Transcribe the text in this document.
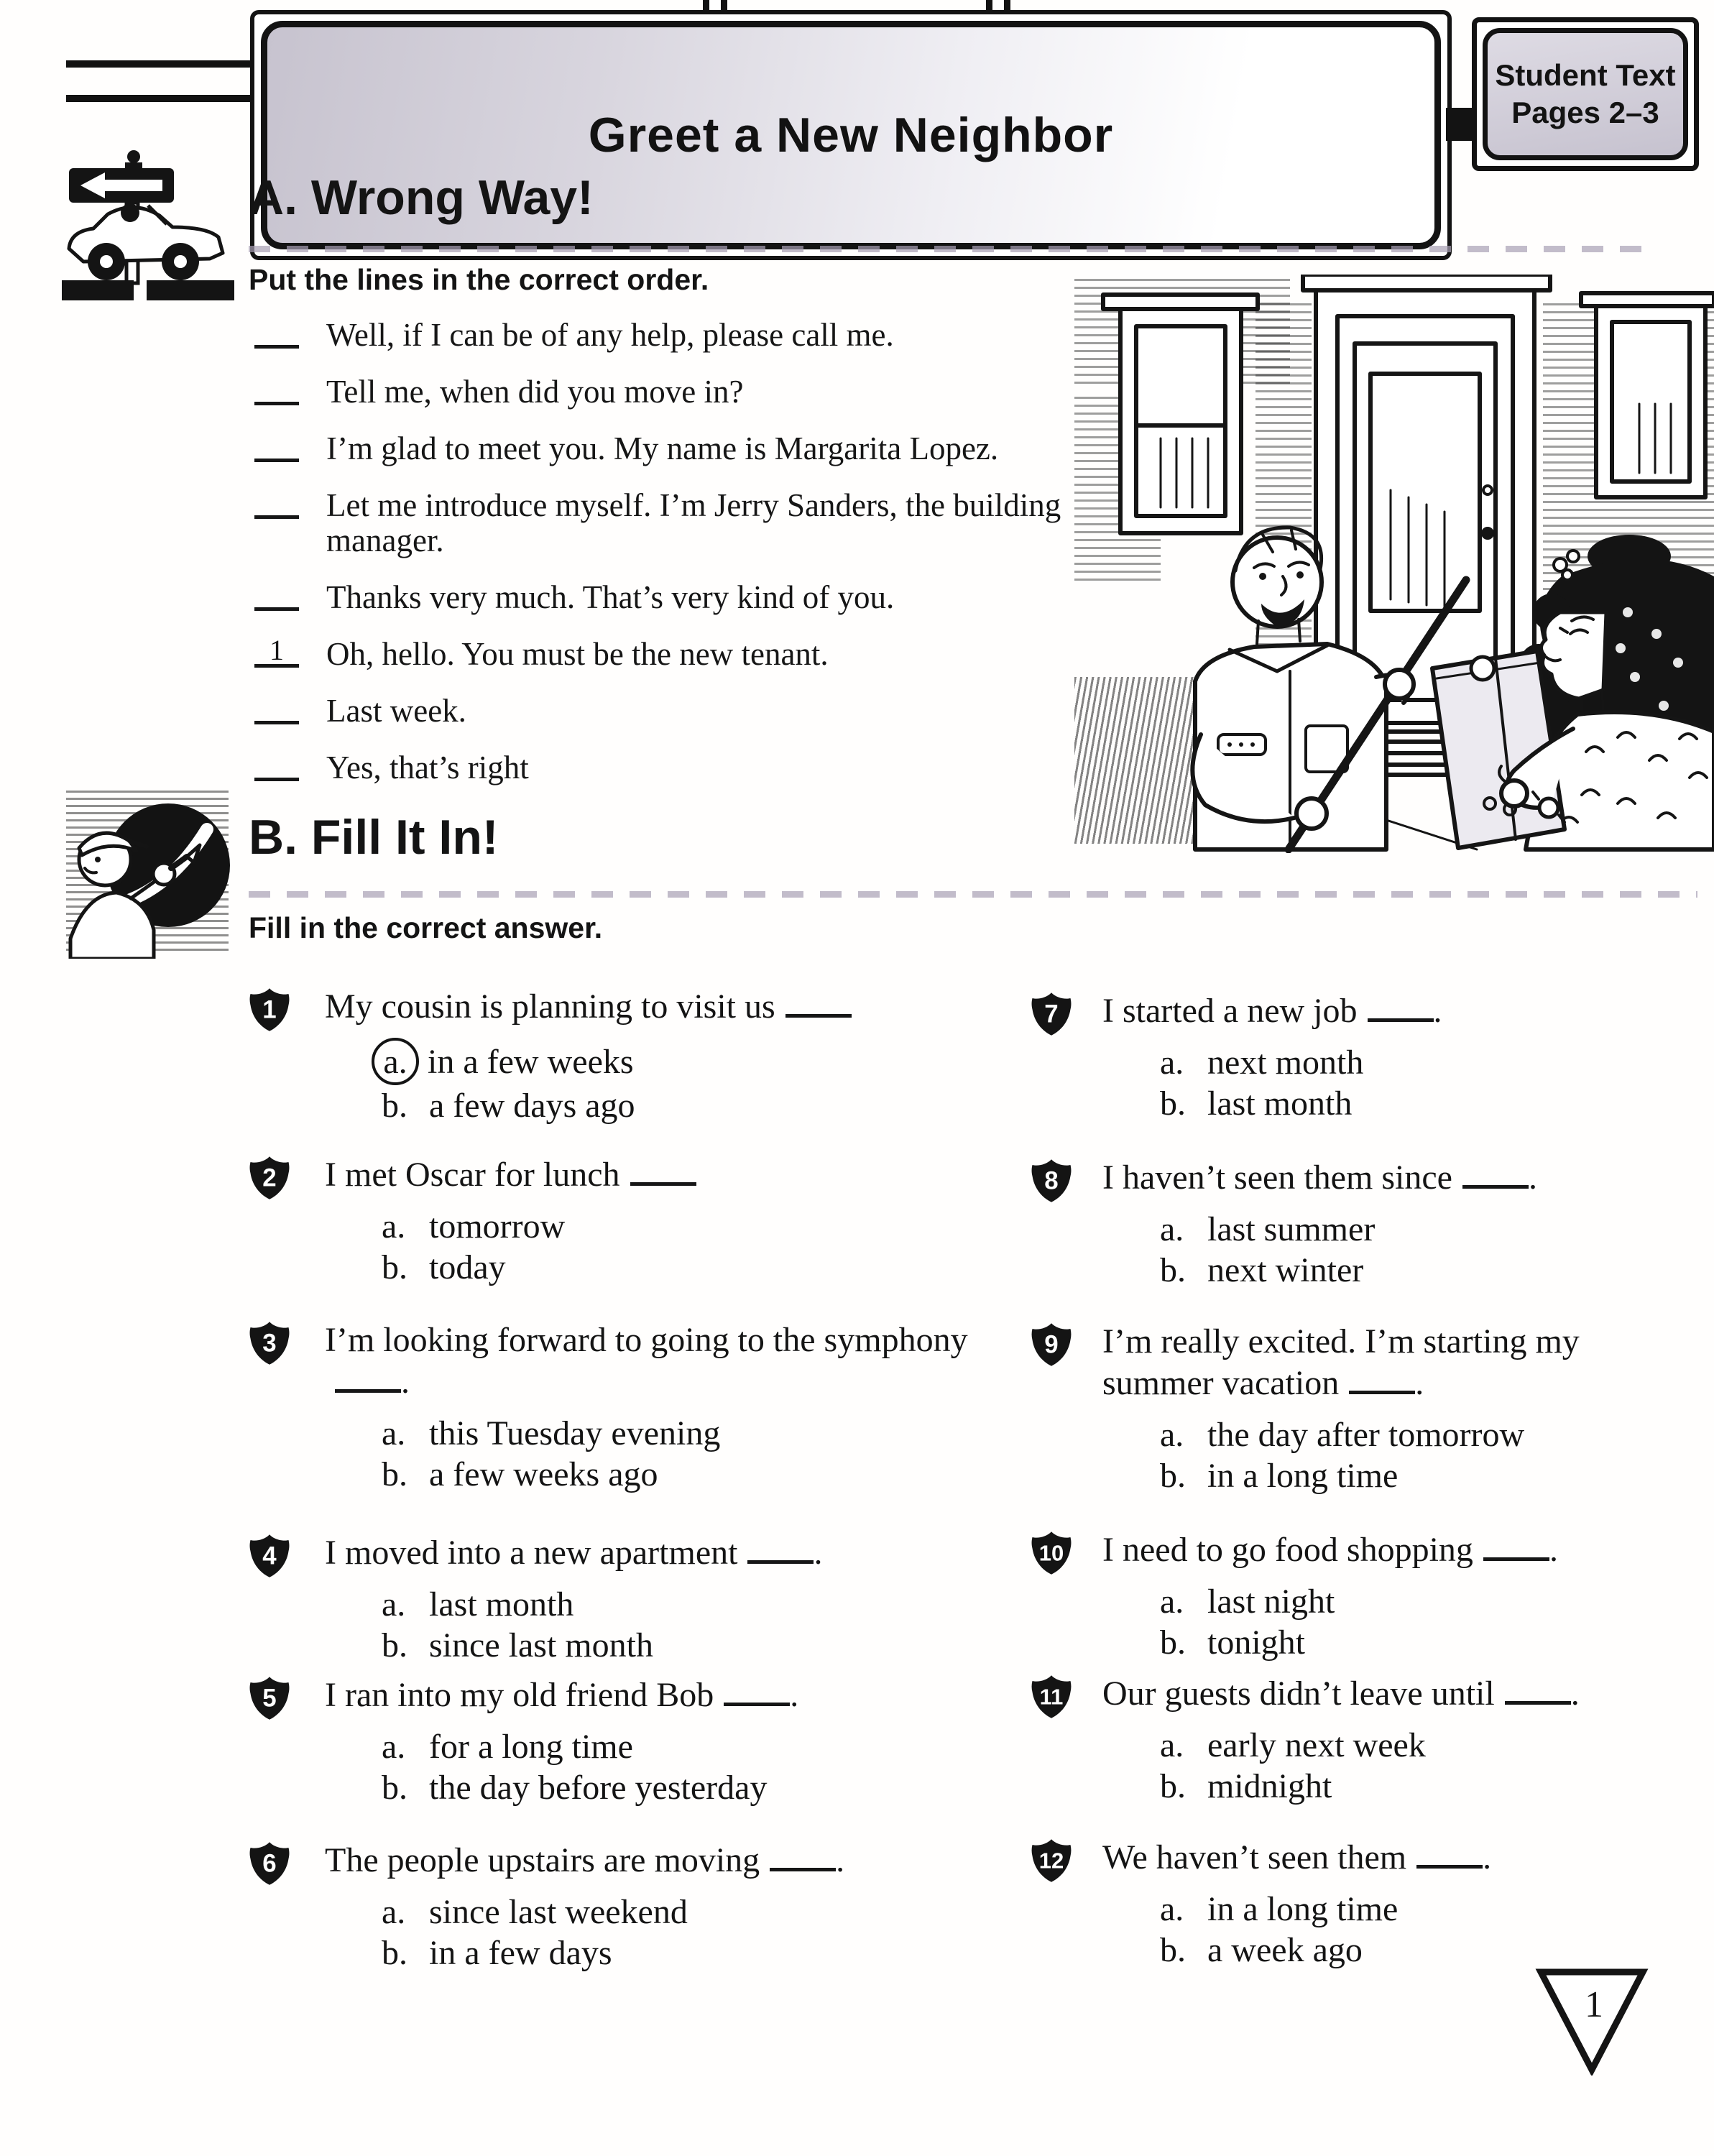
Greet a New Neighbor
Student Text
Pages 2–3
A. Wrong Way!
Put the lines in the correct order.
Well, if I can be of any help, please call me.
Tell me, when did you move in?
I’m glad to meet you. My name is Margarita Lopez.
Let me introduce myself. I’m Jerry Sanders, the building manager.
Thanks very much. That’s very kind of you.
1	Oh, hello. You must be the new tenant.
Last week.
Yes, that’s right
B. Fill It In!
Fill in the correct answer.
1 My cousin is planning to visit us
a. in a few weeks
b. a few days ago
2 I met Oscar for lunch
a. tomorrow
b. today
3 I’m looking forward to going to the symphony.
a. this Tuesday evening
b. a few weeks ago
4 I moved into a new apartment .
a. last month
b. since last month
5 I ran into my old friend Bob .
a. for a long time
b. the day before yesterday
6 The people upstairs are moving .
a. since last weekend
b. in a few days
7 I started a new job .
a. next month
b. last month
8 I haven’t seen them since .
a. last summer
b. next winter
9 I’m really excited. I’m starting my summer vacation .
a. the day after tomorrow
b. in a long time
10 I need to go food shopping .
a. last night
b. tonight
11 Our guests didn’t leave until .
a. early next week
b. midnight
12 We haven’t seen them .
a. in a long time
b. a week ago
1
